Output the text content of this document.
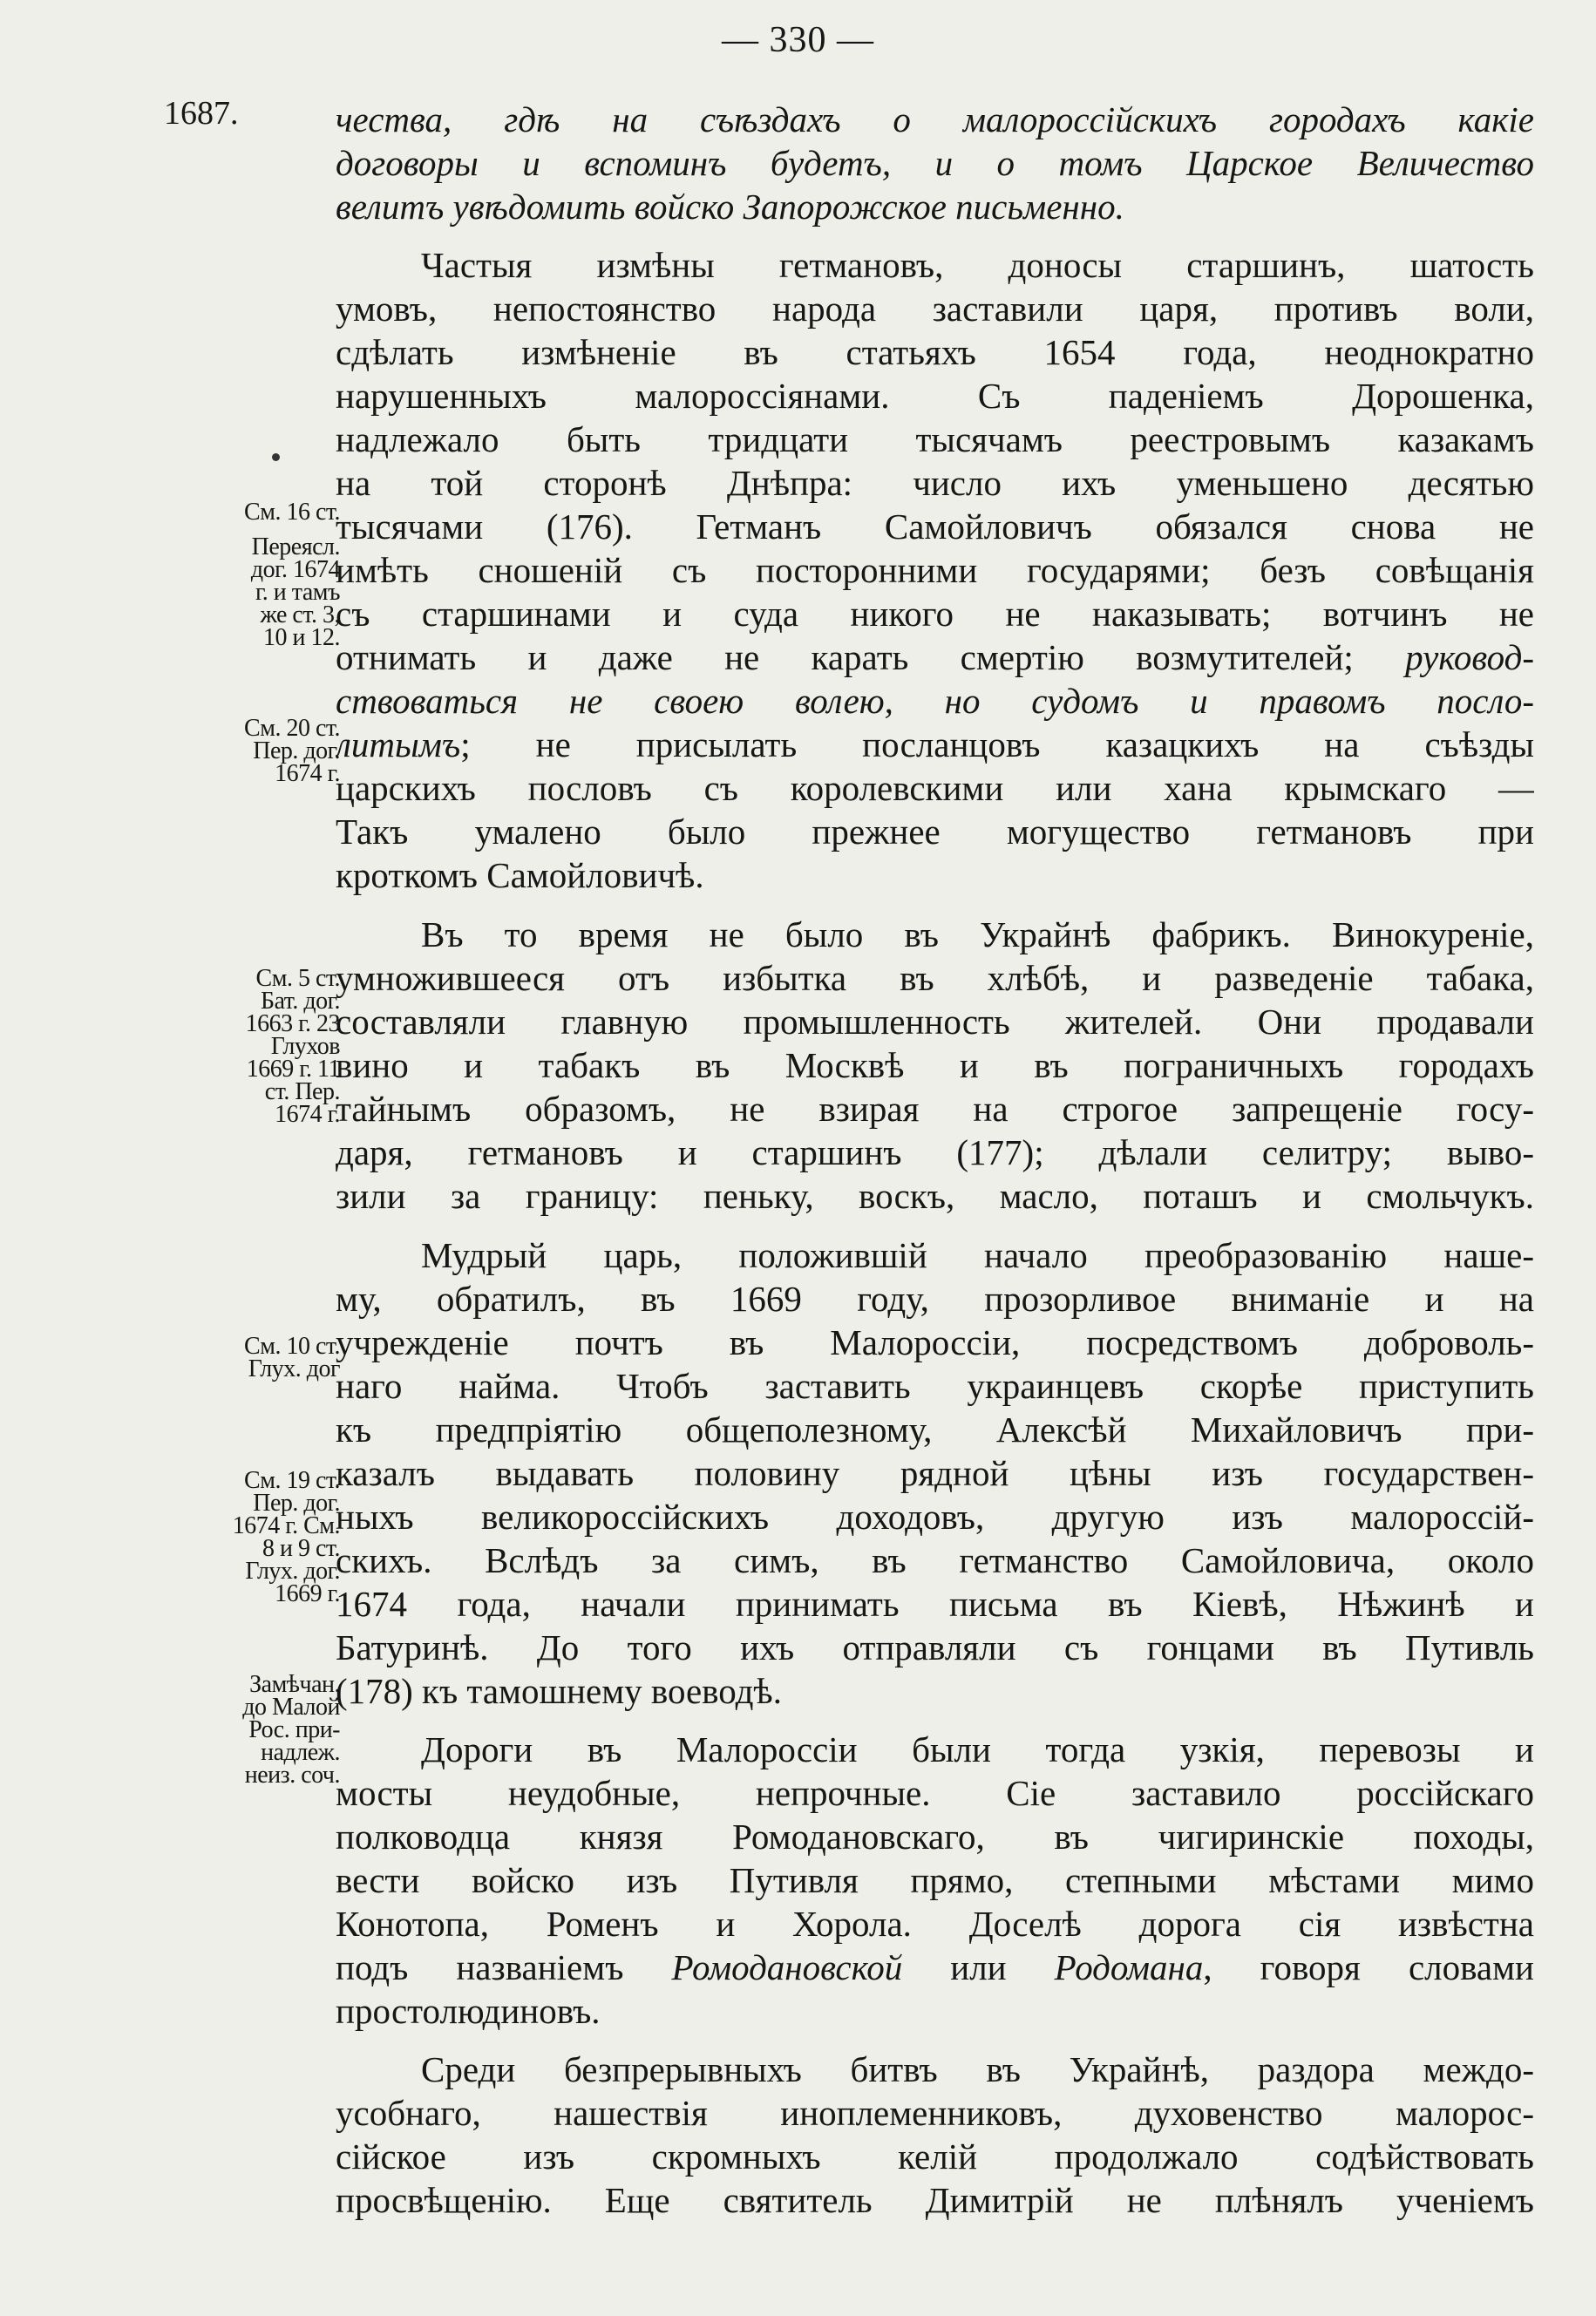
— 330 —
1687.
См. 16 ст.
Переясл.
дог. 1674
г. и тамъ
же ст. 3,
10 и 12.
См. 20 ст.
Пер. дог.
1674 г.
См. 5 ст.
Бат. дог.
1663 г. 23
Глухов
1669 г. 11
ст. Пер.
1674 г.
См. 10 ст.
Глух. дог
См. 19 ст.
Пер. дог.
1674 г. См.
8 и 9 ст.
Глух. дог.
1669 г.
Замѣчан.
до Малой
Рос. при-
надлеж.
неиз. соч.
чества, гдѣ на съѣздахъ о малороссійскихъ городахъ какіе
договоры и вспоминъ будетъ, и о томъ Царское Величество
велитъ увѣдомить войско Запорожское письменно.
Частыя измѣны гетмановъ, доносы старшинъ, шатость
умовъ, непостоянство народа заставили царя, противъ воли,
сдѣлать измѣненіе въ статьяхъ 1654 года, неоднократно
нарушенныхъ малороссіянами. Съ паденіемъ Дорошенка,
надлежало быть тридцати тысячамъ реестровымъ казакамъ
на той сторонѣ Днѣпра: число ихъ уменьшено десятью
тысячами (176). Гетманъ Самойловичъ обязался снова не
имѣть сношеній съ посторонними государями; безъ совѣщанія
съ старшинами и суда никого не наказывать; вотчинъ не
отнимать и даже не карать смертію возмутителей; руковод-
ствоваться не своею волею, но судомъ и правомъ посло-
литымъ; не присылать посланцовъ казацкихъ на съѣзды
царскихъ пословъ съ королевскими или хана крымскаго —
Такъ умалено было прежнее могущество гетмановъ при
кроткомъ Самойловичѣ.
Въ то время не было въ Украйнѣ фабрикъ. Винокуреніе,
умножившееся отъ избытка въ хлѣбѣ, и разведеніе табака,
составляли главную промышленность жителей. Они продавали
вино и табакъ въ Москвѣ и въ пограничныхъ городахъ
тайнымъ образомъ, не взирая на строгое запрещеніе госу-
даря, гетмановъ и старшинъ (177); дѣлали селитру; выво-
зили за границу: пеньку, воскъ, масло, поташъ и смольчукъ.
Мудрый царь, положившій начало преобразованію наше-
му, обратилъ, въ 1669 году, прозорливое вниманіе и на
учрежденіе почтъ въ Малороссіи, посредствомъ доброволь-
наго найма. Чтобъ заставить украинцевъ скорѣе приступить
къ предпріятію общеполезному, Алексѣй Михайловичъ при-
казалъ выдавать половину рядной цѣны изъ государствен-
ныхъ великороссійскихъ доходовъ, другую изъ малороссій-
скихъ. Вслѣдъ за симъ, въ гетманство Самойловича, около
1674 года, начали принимать письма въ Кіевѣ, Нѣжинѣ и
Батуринѣ. До того ихъ отправляли съ гонцами въ Путивль
(178) къ тамошнему воеводѣ.
Дороги въ Малороссіи были тогда узкія, перевозы и
мосты неудобные, непрочные. Сіе заставило россійскаго
полководца князя Ромодановскаго, въ чигиринскіе походы,
вести войско изъ Путивля прямо, степными мѣстами мимо
Конотопа, Роменъ и Хорола. Доселѣ дорога сія извѣстна
подъ названіемъ Ромодановской или Родомана, говоря словами
простолюдиновъ.
Среди безпрерывныхъ битвъ въ Украйнѣ, раздора междо-
усобнаго, нашествія иноплеменниковъ, духовенство малорос-
сійское изъ скромныхъ келій продолжало содѣйствовать
просвѣщенію. Еще святитель Димитрій не плѣнялъ ученіемъ
